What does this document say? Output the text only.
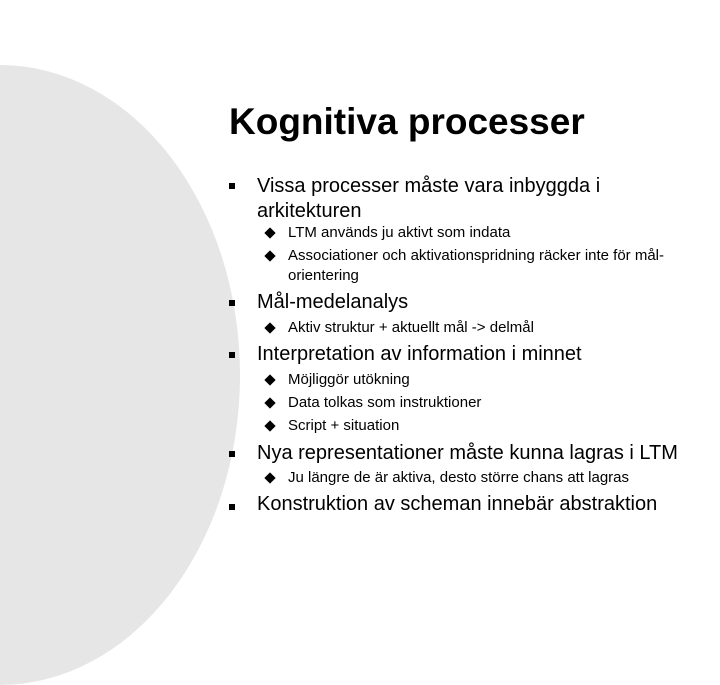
Kognitiva processer

Vissa processer måste vara inbyggda i arkitekturen

LTM används ju aktivt som indata

Associationer och aktivationspridning räcker inte för mål-orientering

Mål-medelanalys

Aktiv struktur + aktuellt mål -> delmål

Interpretation av information i minnet

Möjliggör utökning

Data tolkas som instruktioner

Script + situation

Nya representationer måste kunna lagras i LTM

Ju längre de är aktiva, desto större chans att lagras

Konstruktion av scheman innebär abstraktion
